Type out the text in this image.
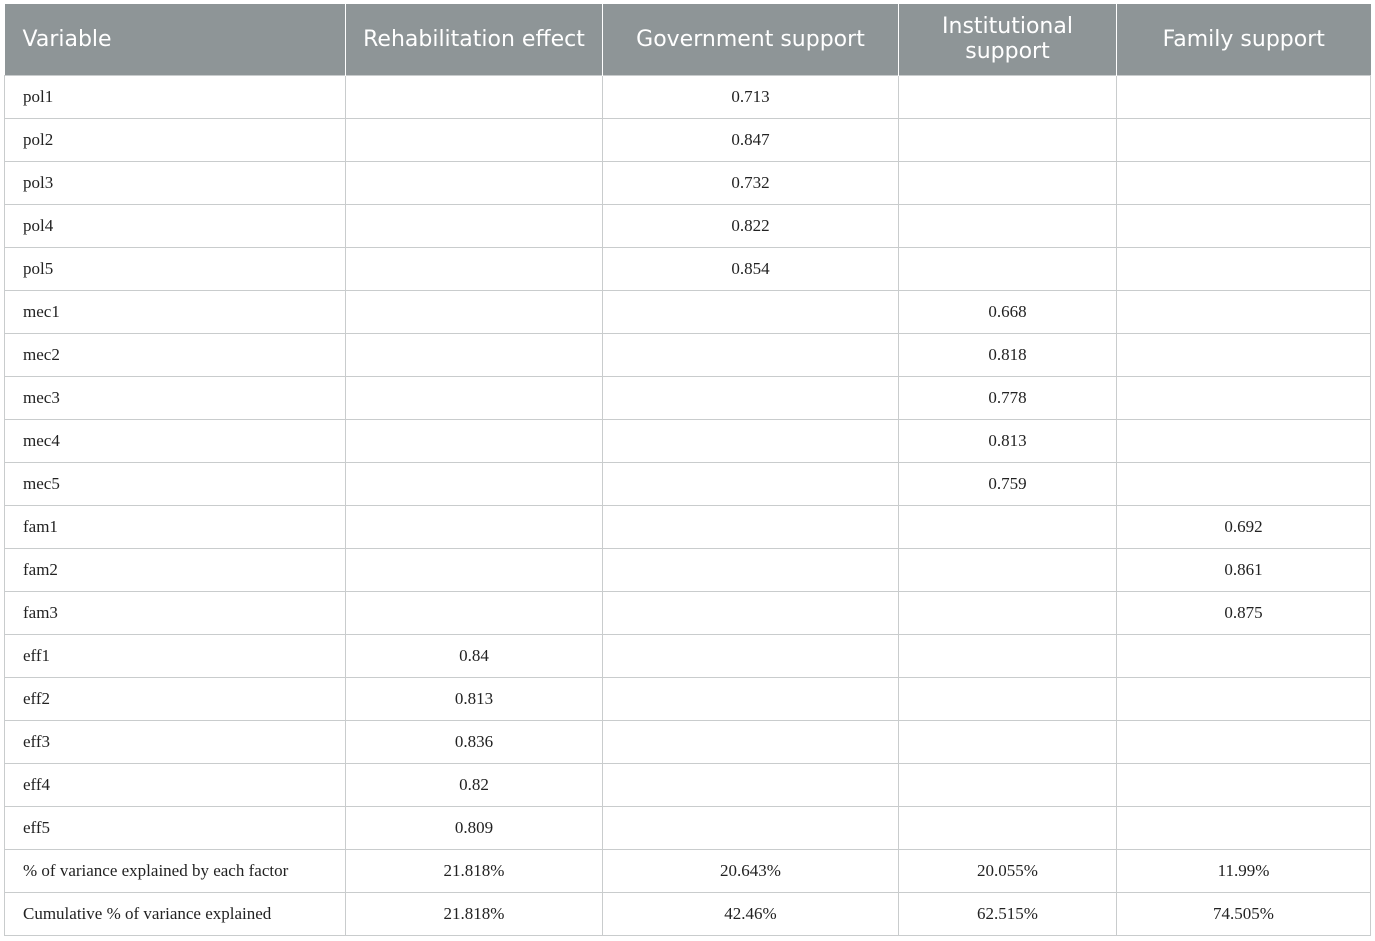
Variable	Rehabilitation effect	Government support	Institutional support	Family support
pol1		0.713		
pol2		0.847		
pol3		0.732		
pol4		0.822		
pol5		0.854		
mec1			0.668	
mec2			0.818	
mec3			0.778	
mec4			0.813	
mec5			0.759	
fam1				0.692
fam2				0.861
fam3				0.875
eff1	0.84			
eff2	0.813			
eff3	0.836			
eff4	0.82			
eff5	0.809			
% of variance explained by each factor	21.818%	20.643%	20.055%	11.99%
Cumulative % of variance explained	21.818%	42.46%	62.515%	74.505%
